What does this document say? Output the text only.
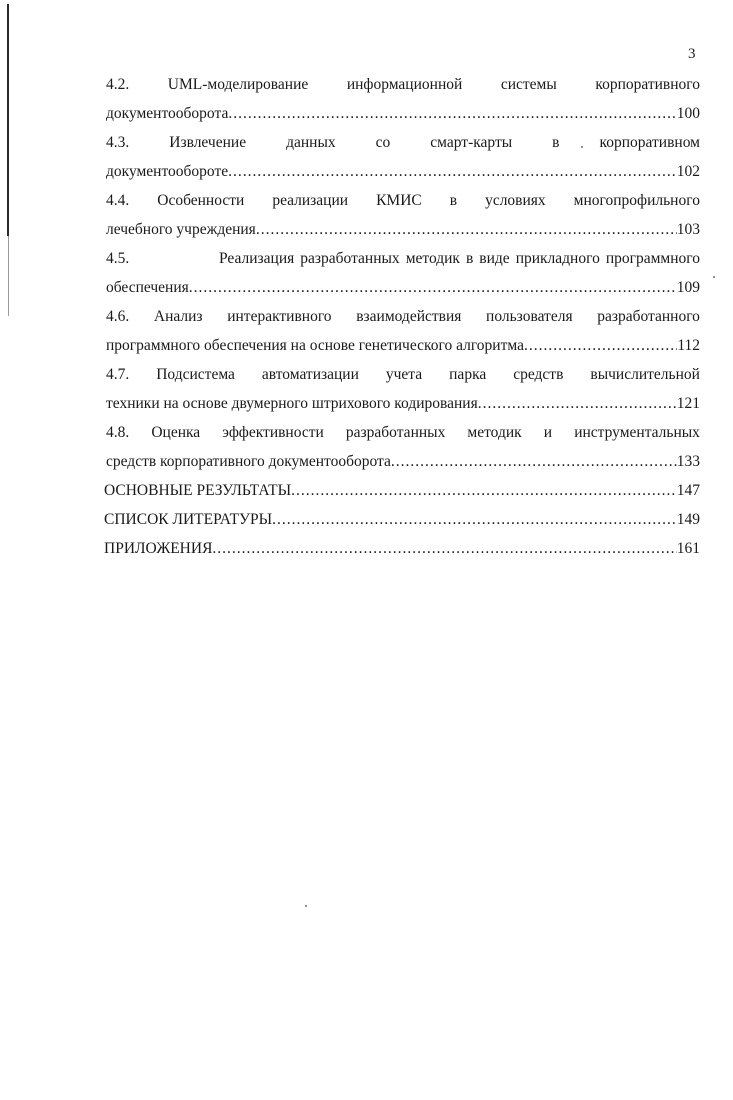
3
4.2. UML-моделирование информационной системы корпоративного
документооборота .....	100
4.3.	Извлечение	данных	со	смарт-карты	в	корпоративном
документообороте .....	102
4.4. Особенности реализации КМИС в условиях многопрофильного
лечебного учреждения .....	103
4.5.	Реализация разработанных методик в виде прикладного программного
обеспечения .....	109
4.6. Анализ интерактивного взаимодействия пользователя разработанного
программного обеспечения на основе генетического алгоритма .....	112
4.7. Подсистема автоматизации учета парка средств вычислительной
техники на основе двумерного штрихового кодирования .....	121
4.8. Оценка эффективности разработанных методик и инструментальных
средств корпоративного документооборота .....	133
ОСНОВНЫЕ РЕЗУЛЬТАТЫ .....	147
СПИСОК ЛИТЕРАТУРЫ .....	149
ПРИЛОЖЕНИЯ .....	161
